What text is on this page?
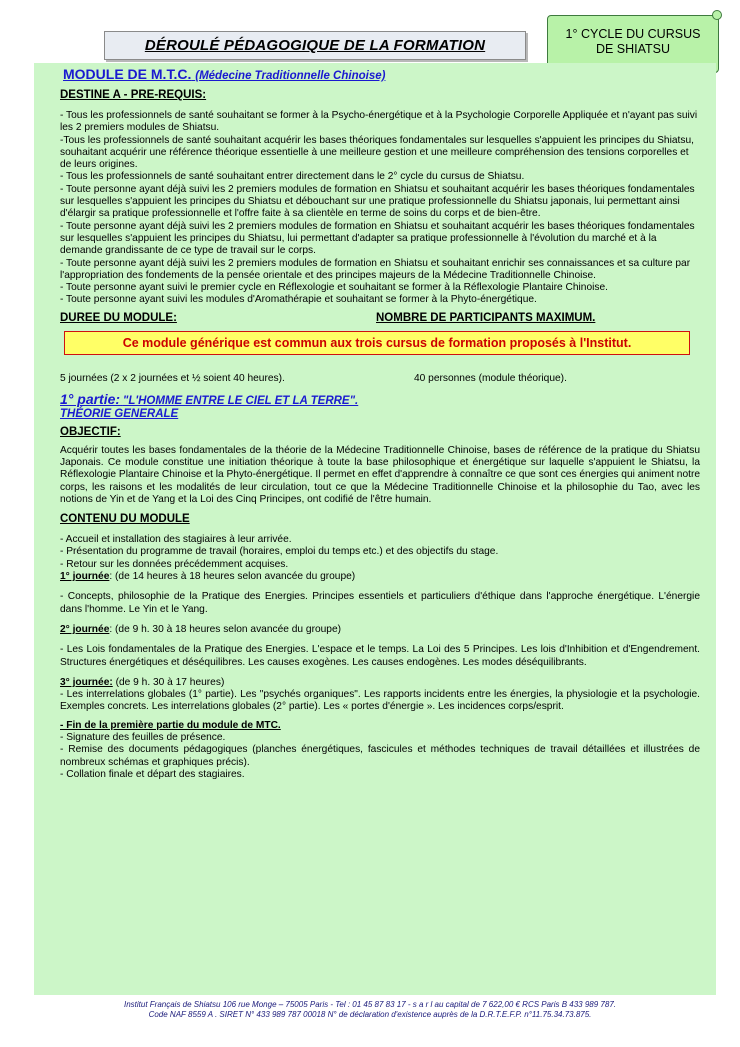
DÉROULÉ PÉDAGOGIQUE DE LA FORMATION
1° CYCLE DU CURSUS
DE SHIATSU
MODULE DE M.T.C. (Médecine Traditionnelle Chinoise)
DESTINE A - PRE-REQUIS:

- Tous les professionnels de santé souhaitant se former à la Psycho-énergétique et à la Psychologie Corporelle Appliquée et n'ayant pas suivi les 2 premiers modules de Shiatsu.

-Tous les professionnels de santé souhaitant acquérir les bases théoriques fondamentales sur lesquelles s'appuient les principes du Shiatsu, souhaitant acquérir une référence théorique essentielle à une meilleure gestion et une meilleure compréhension des tensions corporelles et de leurs origines.

- Tous les professionnels de santé souhaitant entrer directement dans le 2° cycle du cursus de Shiatsu.

- Toute personne ayant déjà suivi les 2 premiers modules de formation en Shiatsu et souhaitant acquérir les bases théoriques fondamentales sur lesquelles s'appuient les principes du Shiatsu et débouchant sur une pratique professionnelle du Shiatsu japonais, lui permettant ainsi d'élargir sa pratique professionnelle et l'offre faite à sa clientèle en terme de soins du corps et de bien-être.

- Toute personne ayant déjà suivi les 2 premiers modules de formation en Shiatsu et souhaitant acquérir les bases théoriques fondamentales sur lesquelles s'appuient les principes du Shiatsu, lui permettant d'adapter sa pratique professionnelle à l'évolution du marché et à la demande grandissante de ce type de travail sur le corps.

- Toute personne ayant déjà suivi les 2 premiers modules de formation en Shiatsu et souhaitant enrichir ses connaissances et sa culture par l'appropriation des fondements de la pensée orientale et des principes majeurs de la Médecine Traditionnelle Chinoise.

- Toute personne ayant suivi le premier cycle en Réflexologie et souhaitant se former à la Réflexologie Plantaire Chinoise.

- Toute personne ayant suivi les modules d'Aromathérapie et souhaitant se former à la Phyto-énergétique.

DUREE DU MODULE:	NOMBRE DE PARTICIPANTS MAXIMUM.
Ce module générique est commun aux trois cursus de formation proposés à l'Institut.
5 journées (2 x 2 journées et ½ soient 40 heures).	40 personnes (module théorique).
1° partie: "L'HOMME ENTRE LE CIEL ET LA TERRE".
THÉORIE GENERALE
OBJECTIF:

Acquérir toutes les bases fondamentales de la théorie de la Médecine Traditionnelle Chinoise, bases de référence de la pratique du Shiatsu Japonais. Ce module constitue une initiation théorique à toute la base philosophique et énergétique sur laquelle s'appuient le Shiatsu, la Réflexologie Plantaire Chinoise et la Phyto-énergétique. Il permet en effet d'apprendre à connaître ce que sont ces énergies qui animent notre corps, les raisons et les modalités de leur circulation, tout ce que la Médecine Traditionnelle Chinoise et la philosophie du Tao, avec les notions de Yin et de Yang et la Loi des Cinq Principes, ont codifié de l'être humain.

CONTENU DU MODULE

- Accueil et installation des stagiaires à leur arrivée.

- Présentation du programme de travail (horaires, emploi du temps etc.) et des objectifs du stage.

- Retour sur les données précédemment acquises.

1° journée: (de 14 heures à 18 heures selon avancée du groupe)

- Concepts, philosophie de la Pratique des Energies. Principes essentiels et particuliers d'éthique dans l'approche énergétique. L'énergie dans l'homme. Le Yin et le Yang.

2° journée: (de 9 h. 30 à 18 heures selon avancée du groupe)

- Les Lois fondamentales de la Pratique des Energies. L'espace et le temps. La Loi des 5 Principes. Les lois d'Inhibition et d'Engendrement. Structures énergétiques et déséquilibres. Les causes exogènes. Les causes endogènes. Les modes déséquilibrants.

3° journée: (de 9 h. 30 à 17 heures)

- Les interrelations globales (1° partie). Les "psychés organiques". Les rapports incidents entre les énergies, la physiologie et la psychologie. Exemples concrets. Les interrelations globales (2° partie). Les « portes d'énergie ». Les incidences corps/esprit.

- Fin de la première partie du module de MTC.

- Signature des feuilles de présence.

- Remise des documents pédagogiques (planches énergétiques, fascicules et méthodes techniques de travail détaillées et illustrées de nombreux schémas et graphiques précis).

- Collation finale et départ des stagiaires.

Institut Français de Shiatsu 106 rue Monge – 75005 Paris - Tel : 01 45 87 83 17 - s a r l au capital de 7 622,00 € RCS Paris B 433 989 787.
Code NAF 8559 A . SIRET N° 433 989 787 00018 N° de déclaration d'existence auprès de la D.R.T.E.F.P. n°11.75.34.73.875.
